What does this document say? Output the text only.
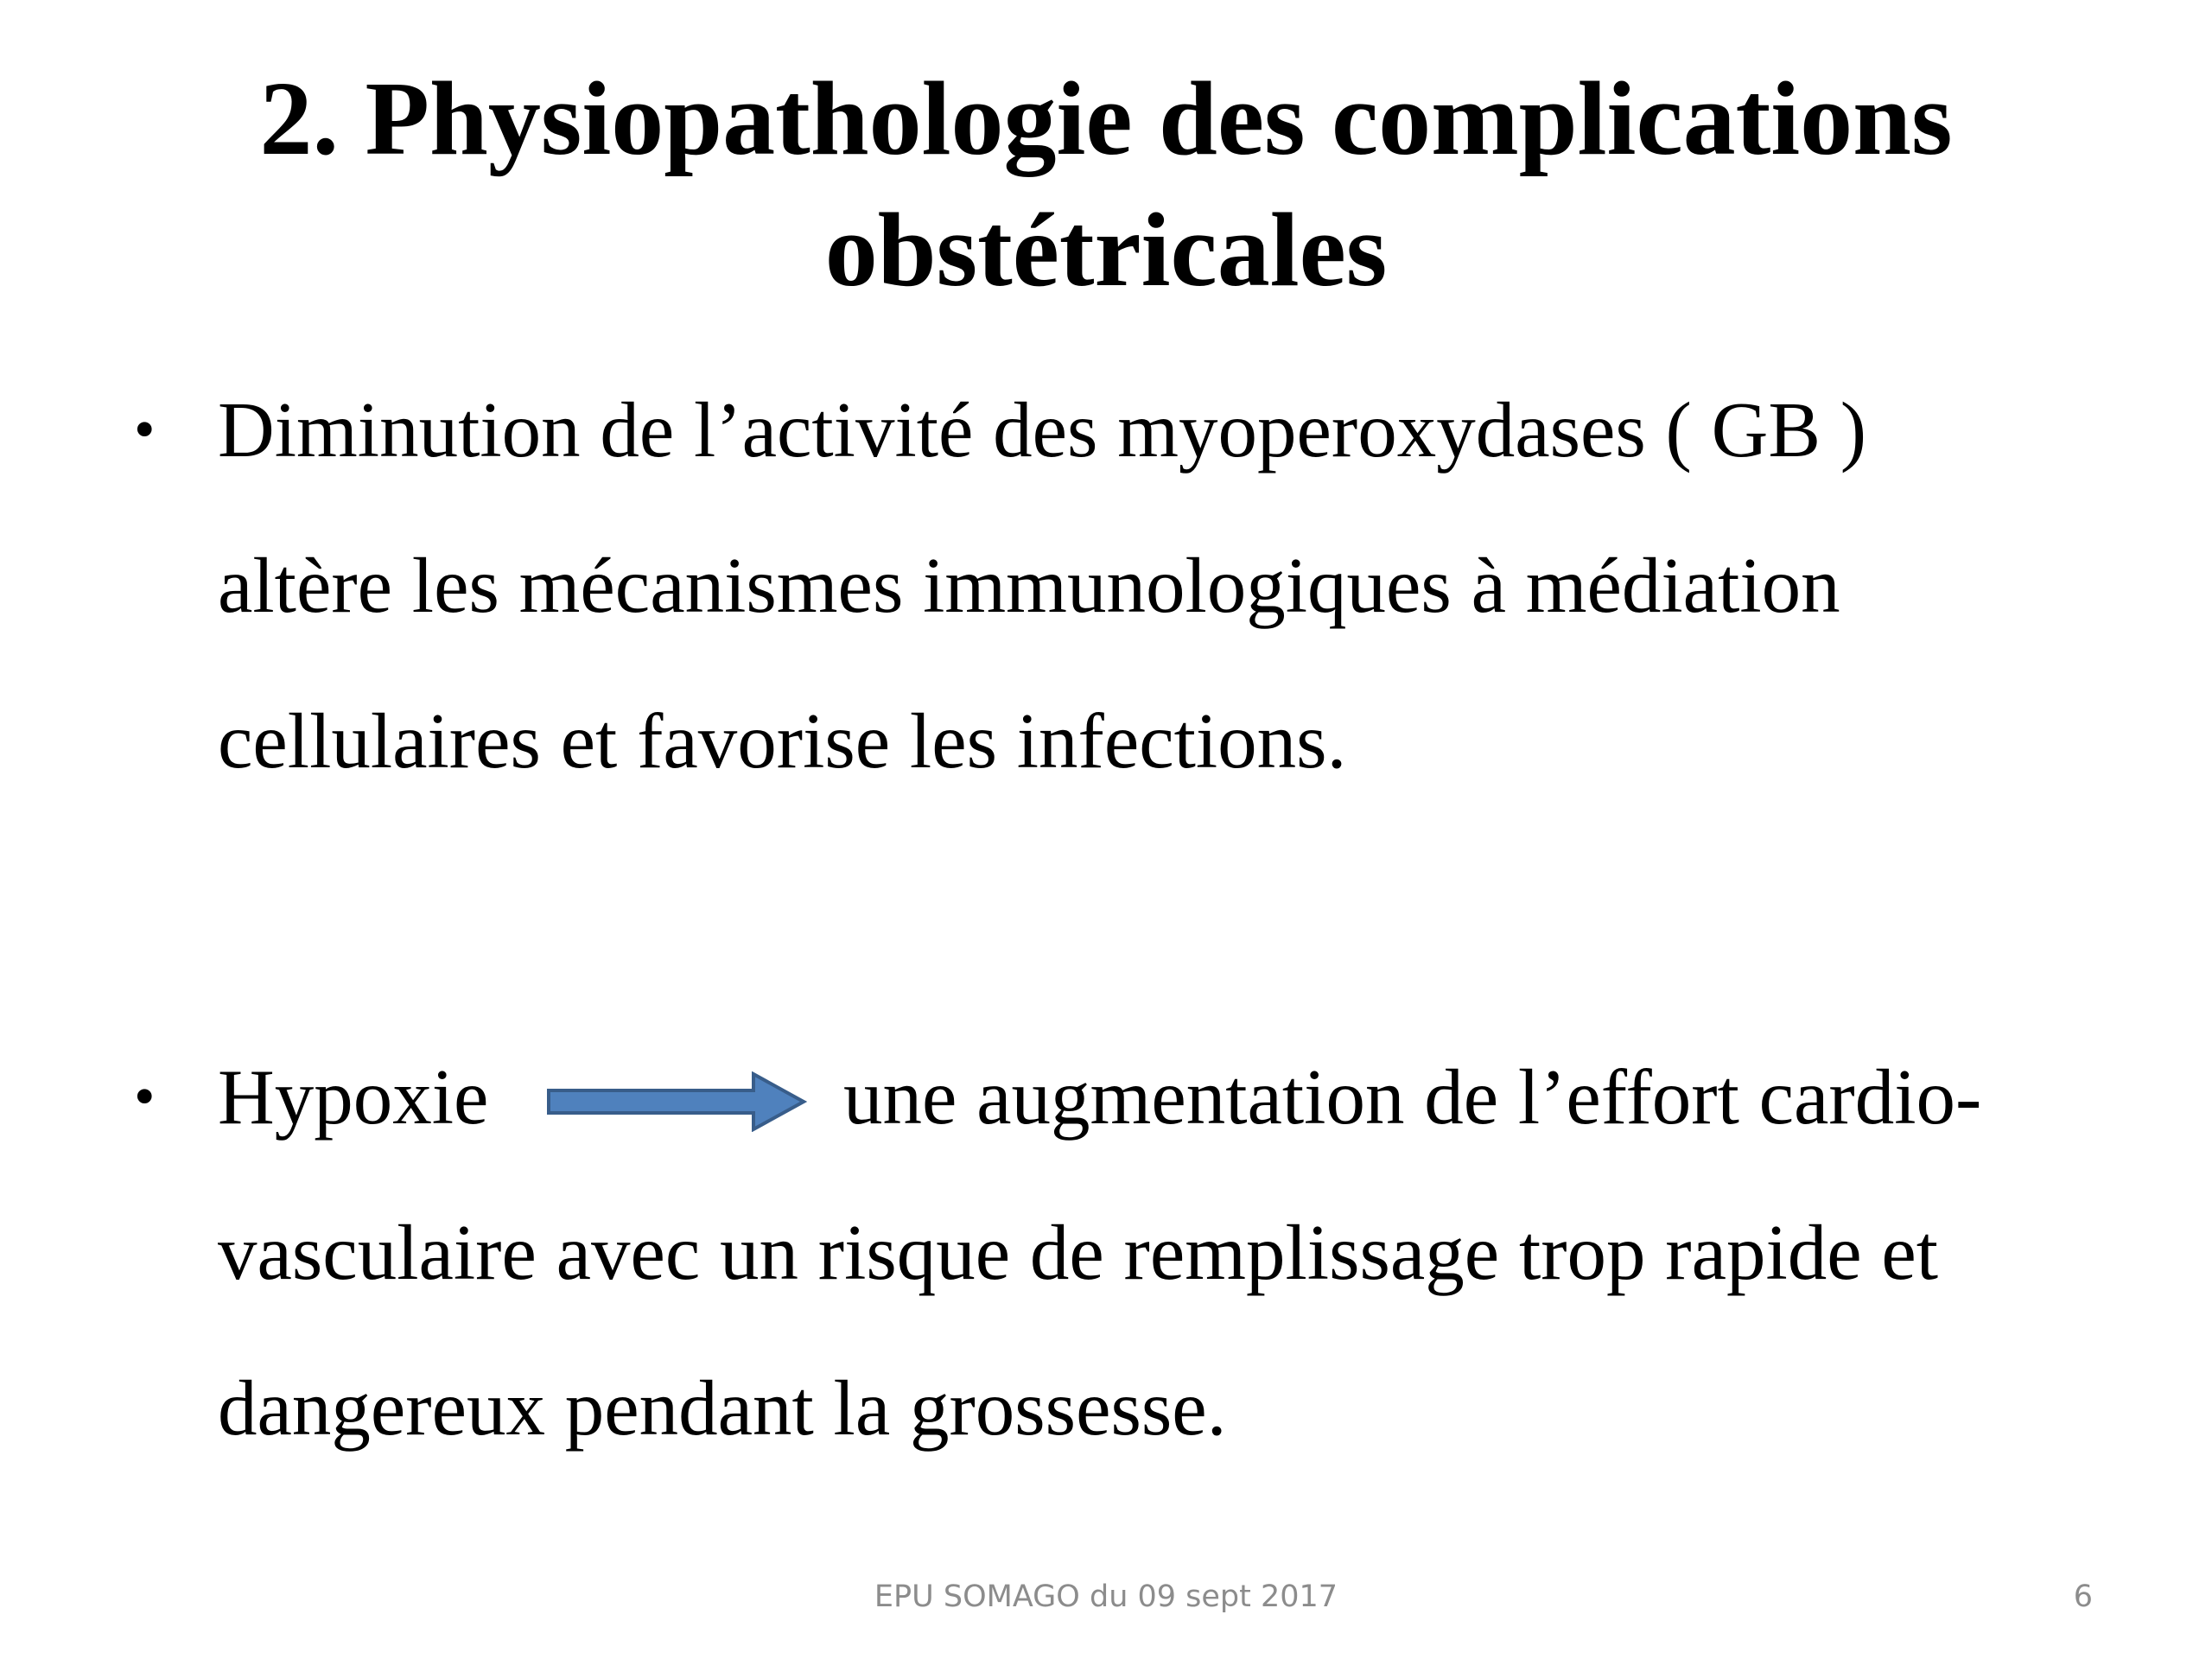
2. Physiopathologie des complications
obstétricales
• Diminution de l’activité des myoperoxydases ( GB )
altère les mécanismes immunologiques à médiation
cellulaires et favorise les infections.
• Hypoxie	une augmentation de l’effort cardio-
vasculaire avec un risque de remplissage trop rapide et
dangereux pendant la grossesse.
EPU SOMAGO du 09 sept 2017	6
